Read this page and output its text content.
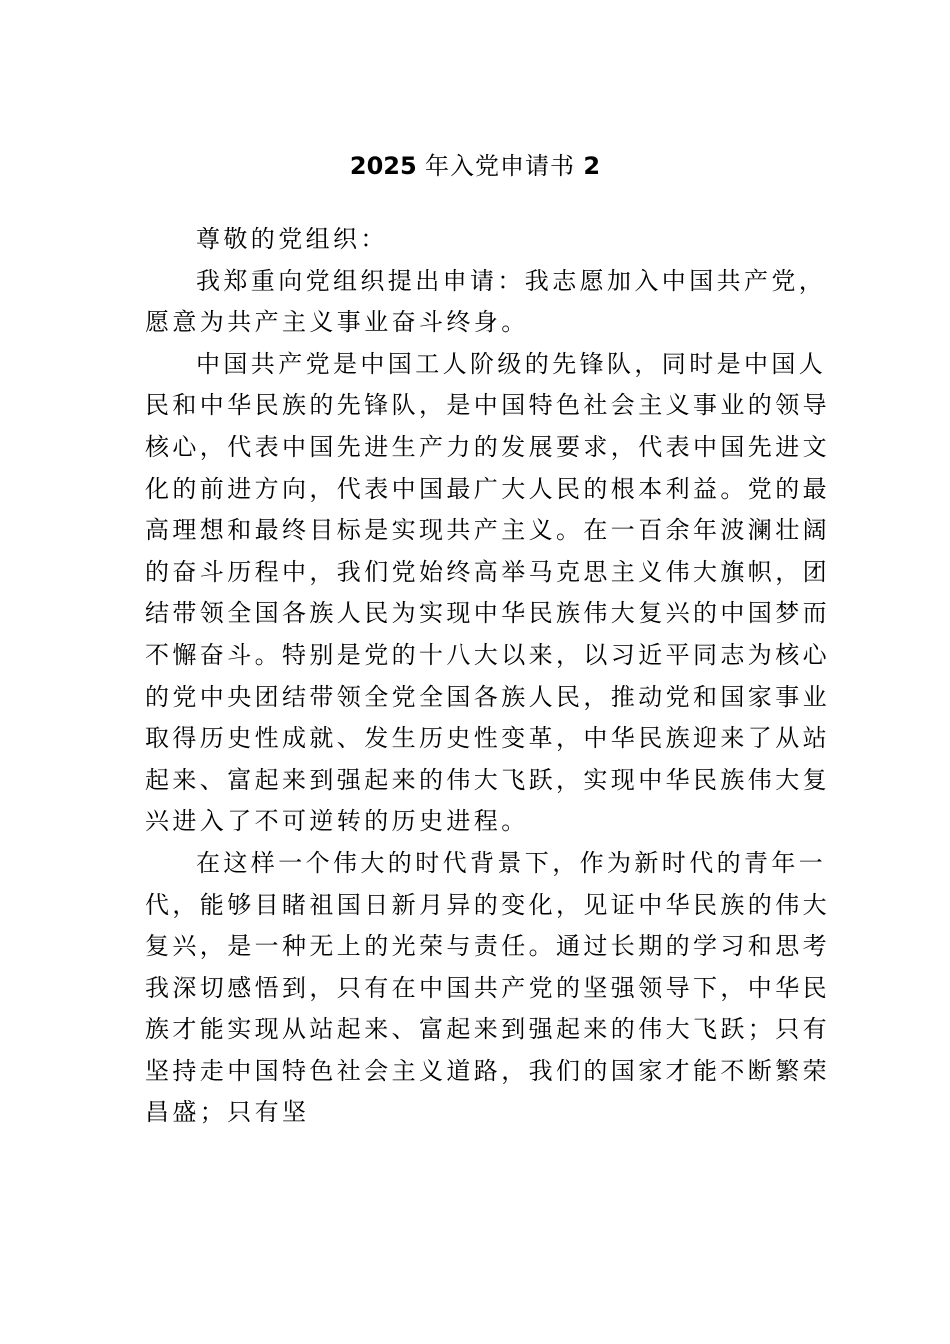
2025 年入党申请书 2
尊敬的党组织：
我郑重向党组织提出申请：我志愿加入中国共产党，
愿意为共产主义事业奋斗终身。
中国共产党是中国工人阶级的先锋队，同时是中国人
民和中华民族的先锋队，是中国特色社会主义事业的领导
核心，代表中国先进生产力的发展要求，代表中国先进文
化的前进方向，代表中国最广大人民的根本利益。党的最
高理想和最终目标是实现共产主义。在一百余年波澜壮阔
的奋斗历程中，我们党始终高举马克思主义伟大旗帜，团
结带领全国各族人民为实现中华民族伟大复兴的中国梦而
不懈奋斗。特别是党的十八大以来，以习近平同志为核心
的党中央团结带领全党全国各族人民，推动党和国家事业
取得历史性成就、发生历史性变革，中华民族迎来了从站
起来、富起来到强起来的伟大飞跃，实现中华民族伟大复
兴进入了不可逆转的历史进程。
在这样一个伟大的时代背景下，作为新时代的青年一
代，能够目睹祖国日新月异的变化，见证中华民族的伟大
复兴，是一种无上的光荣与责任。通过长期的学习和思考
我深切感悟到，只有在中国共产党的坚强领导下，中华民
族才能实现从站起来、富起来到强起来的伟大飞跃；只有
坚持走中国特色社会主义道路，我们的国家才能不断繁荣
昌盛；只有坚
